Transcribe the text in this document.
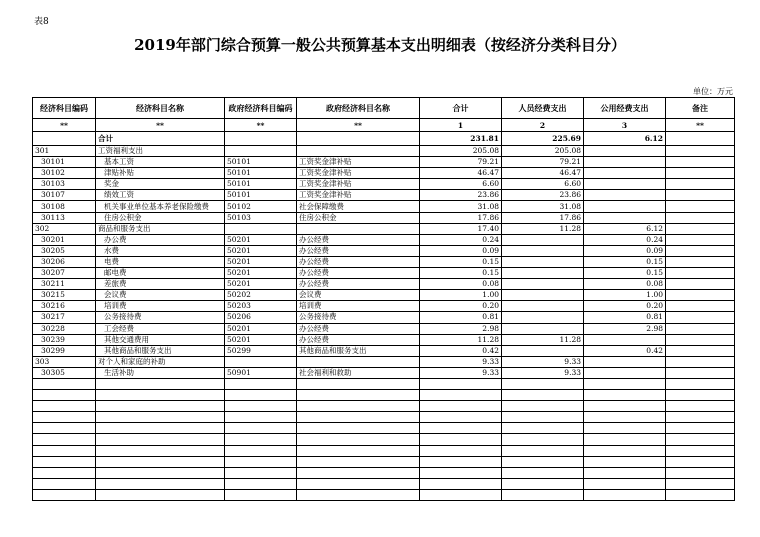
表8
2019年部门综合预算一般公共预算基本支出明细表（按经济分类科目分）
单位：万元
经济科目编码	经济科目名称	政府经济科目编码	政府经济科目名称	合计	人员经费支出	公用经费支出	备注
**	**	**	**	1	2	3	**
	合计			231.81	225.69	6.12	
301	工资福利支出			205.08	205.08		
30101	基本工资	50101	工资奖金津补贴	79.21	79.21		
30102	津贴补贴	50101	工资奖金津补贴	46.47	46.47		
30103	奖金	50101	工资奖金津补贴	6.60	6.60		
30107	绩效工资	50101	工资奖金津补贴	23.86	23.86		
30108	机关事业单位基本养老保险缴费	50102	社会保障缴费	31.08	31.08		
30113	住房公积金	50103	住房公积金	17.86	17.86		
302	商品和服务支出			17.40	11.28	6.12	
30201	办公费	50201	办公经费	0.24		0.24	
30205	水费	50201	办公经费	0.09		0.09	
30206	电费	50201	办公经费	0.15		0.15	
30207	邮电费	50201	办公经费	0.15		0.15	
30211	差旅费	50201	办公经费	0.08		0.08	
30215	会议费	50202	会议费	1.00		1.00	
30216	培训费	50203	培训费	0.20		0.20	
30217	公务接待费	50206	公务接待费	0.81		0.81	
30228	工会经费	50201	办公经费	2.98		2.98	
30239	其他交通费用	50201	办公经费	11.28	11.28		
30299	其他商品和服务支出	50299	其他商品和服务支出	0.42		0.42	
303	对个人和家庭的补助			9.33	9.33		
30305	生活补助	50901	社会福利和救助	9.33	9.33		
